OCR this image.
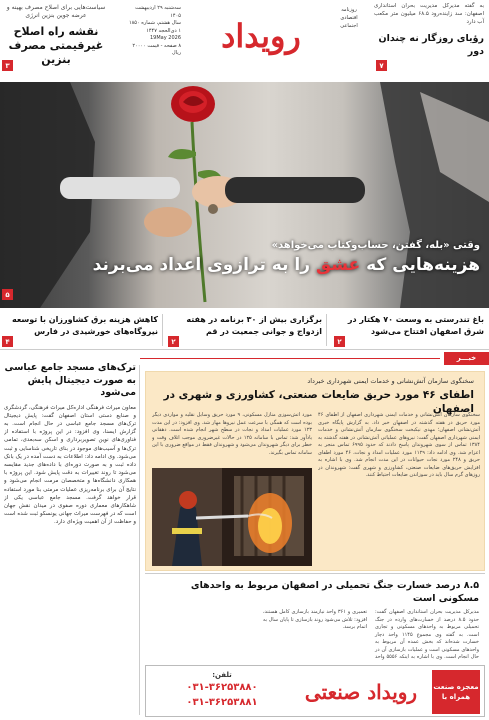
سیاست‌هایی برای اصلاح مصرف بهینه و عرضه جوین بنزین انرژی
نقشه راه اصلاح غیرقیمتی مصرف بنزین
۳
سه‌شنبه ۲۹ اردیبهشت ۱۴۰۵
سال هشتم، شماره ۱۸۵۰
۱ ذی‌الحجه ۱۴۴۷
19May 2026
۸ صفحه - قیمت ۲۰۰۰۰ ریال	رویداد
روزنامه
اقتصادی
اجتماعی
به گفته مدیرکل مدیریت بحران استانداری اصفهان: سد زاینده‌رود ۶۸.۵ میلیون متر مکعب آب دارد
رؤیای روزگار نه چندان دور
۷
وقتی «بله، گفتن، حساب‌وکتاب می‌خواهد»
هزینه‌هایی که عشق را به ترازوی اعداد می‌برند
۵
باغ تندرستی به وسعت ۷۰ هکتار در شرق اصفهان افتتاح می‌شود
۲
برگزاری بیش از ۳۰ برنامه در هفته ازدواج و جوانی جمعیت در قم
۲
کاهش هزینه برق کشاورزان با توسعه نیروگاه‌های خورشیدی در فارس
۴
خبـــر
ترک‌های مسجد جامع عباسی به صورت دیجیتال پایش می‌شود
معاون میراث فرهنگی اداره‌کل میراث فرهنگی، گردشگری و صنایع دستی استان اصفهان گفت: پایش دیجیتال ترک‌های مسجد جامع عباسی در حال انجام است. به گزارش ایسنا، وی افزود: در این پروژه با استفاده از فناوری‌های نوین تصویربرداری و اسکن سه‌بعدی، تمامی ترک‌ها و آسیب‌های موجود در بنای تاریخی شناسایی و ثبت می‌شود. وی ادامه داد: اطلاعات به دست آمده در یک بانک داده ثبت و به صورت دوره‌ای با داده‌های جدید مقایسه می‌شود تا روند تغییرات به دقت پایش شود. این پروژه با همکاری دانشگاه‌ها و متخصصان مرمت انجام می‌شود و نتایج آن برای برنامه‌ریزی عملیات مرمتی بنا مورد استفاده قرار خواهد گرفت. مسجد جامع عباسی یکی از شاهکارهای معماری دوره صفوی در میدان نقش جهان است که در فهرست میراث جهانی یونسکو ثبت شده است و حفاظت از آن اهمیت ویژه‌ای دارد.
سخنگوی سازمان آتش‌نشانی و خدمات ایمنی شهرداری خبرداد
اطفای ۴۶ مورد حریق ضایعات صنعتی، کشاورزی و شهری در اصفهان
سخنگوی سازمان آتش‌نشانی و خدمات ایمنی شهرداری اصفهان از اطفای ۴۶ مورد حریق در هفته گذشته در اصفهان خبر داد. به گزارش پایگاه خبری آتش‌نشانی اصفهان؛ مهدی نیکبخت سخنگوی سازمان آتش‌نشانی و خدمات ایمنی شهرداری اصفهان گفت: نیروهای عملیاتی آتش‌نشانی در هفته گذشته به ۱۳۸۴ تماس از سوی شهروندان پاسخ دادند که حدود ۶۹۹۵ تماس منجر به اعزام شد. وی ادامه داد: ۱۱۲۹ مورد عملیات امداد و نجات، ۴۶ مورد اطفای حریق و ۲۴۸ مورد نجات حیوانات در این مدت انجام شد. وی با اشاره به افزایش حریق‌های ضایعات صنعتی، کشاورزی و شهری گفت: شهروندان در روزهای گرم سال باید در سوزاندن ضایعات احتیاط کنند.
مورد آتش‌سوزی منازل مسکونی، ۹ مورد حریق وسایل نقلیه و مواردی دیگر بوده است که همگی با سرعت عمل نیروها مهار شد. وی افزود: در این مدت ۱۲۳ مورد عملیات امداد و نجات در سطح شهر انجام شده است. دهقانی یادآور شد: تماس با سامانه ۱۲۵ در حالات غیرضروری موجب اتلاف وقت و خطر برای دیگر شهروندان می‌شود و شهروندان فقط در مواقع ضروری با این سامانه تماس بگیرند.
۸.۵ درصد خسارت جنگ تحمیلی در اصفهان مربوط به واحدهای مسکونی است
مدیرکل مدیریت بحران استانداری اصفهان گفت: حدود ۸.۵ درصد از خسارت‌های وارده در جنگ تحمیلی مربوط به واحدهای مسکونی و تجاری است. به گفته وی مجموع ۱۱۴۵ واحد دچار خسارت شده‌اند که بخش عمده آن مربوط به واحدهای مسکونی است و عملیات بازسازی آن در حال انجام است. وی با اشاره به اینکه ۵۵۵۶ واحد تعمیری و ۳۶۱ واحد نیازمند بازسازی کامل هستند، افزود: تلاش می‌شود روند بازسازی تا پایان سال به اتمام برسد.
معجزه صنعت
همراه با
رویداد صنعتی
تلفن:
۰۳۱-۳۶۲۵۳۸۸۰
۰۳۱-۳۶۲۵۳۸۸۱
